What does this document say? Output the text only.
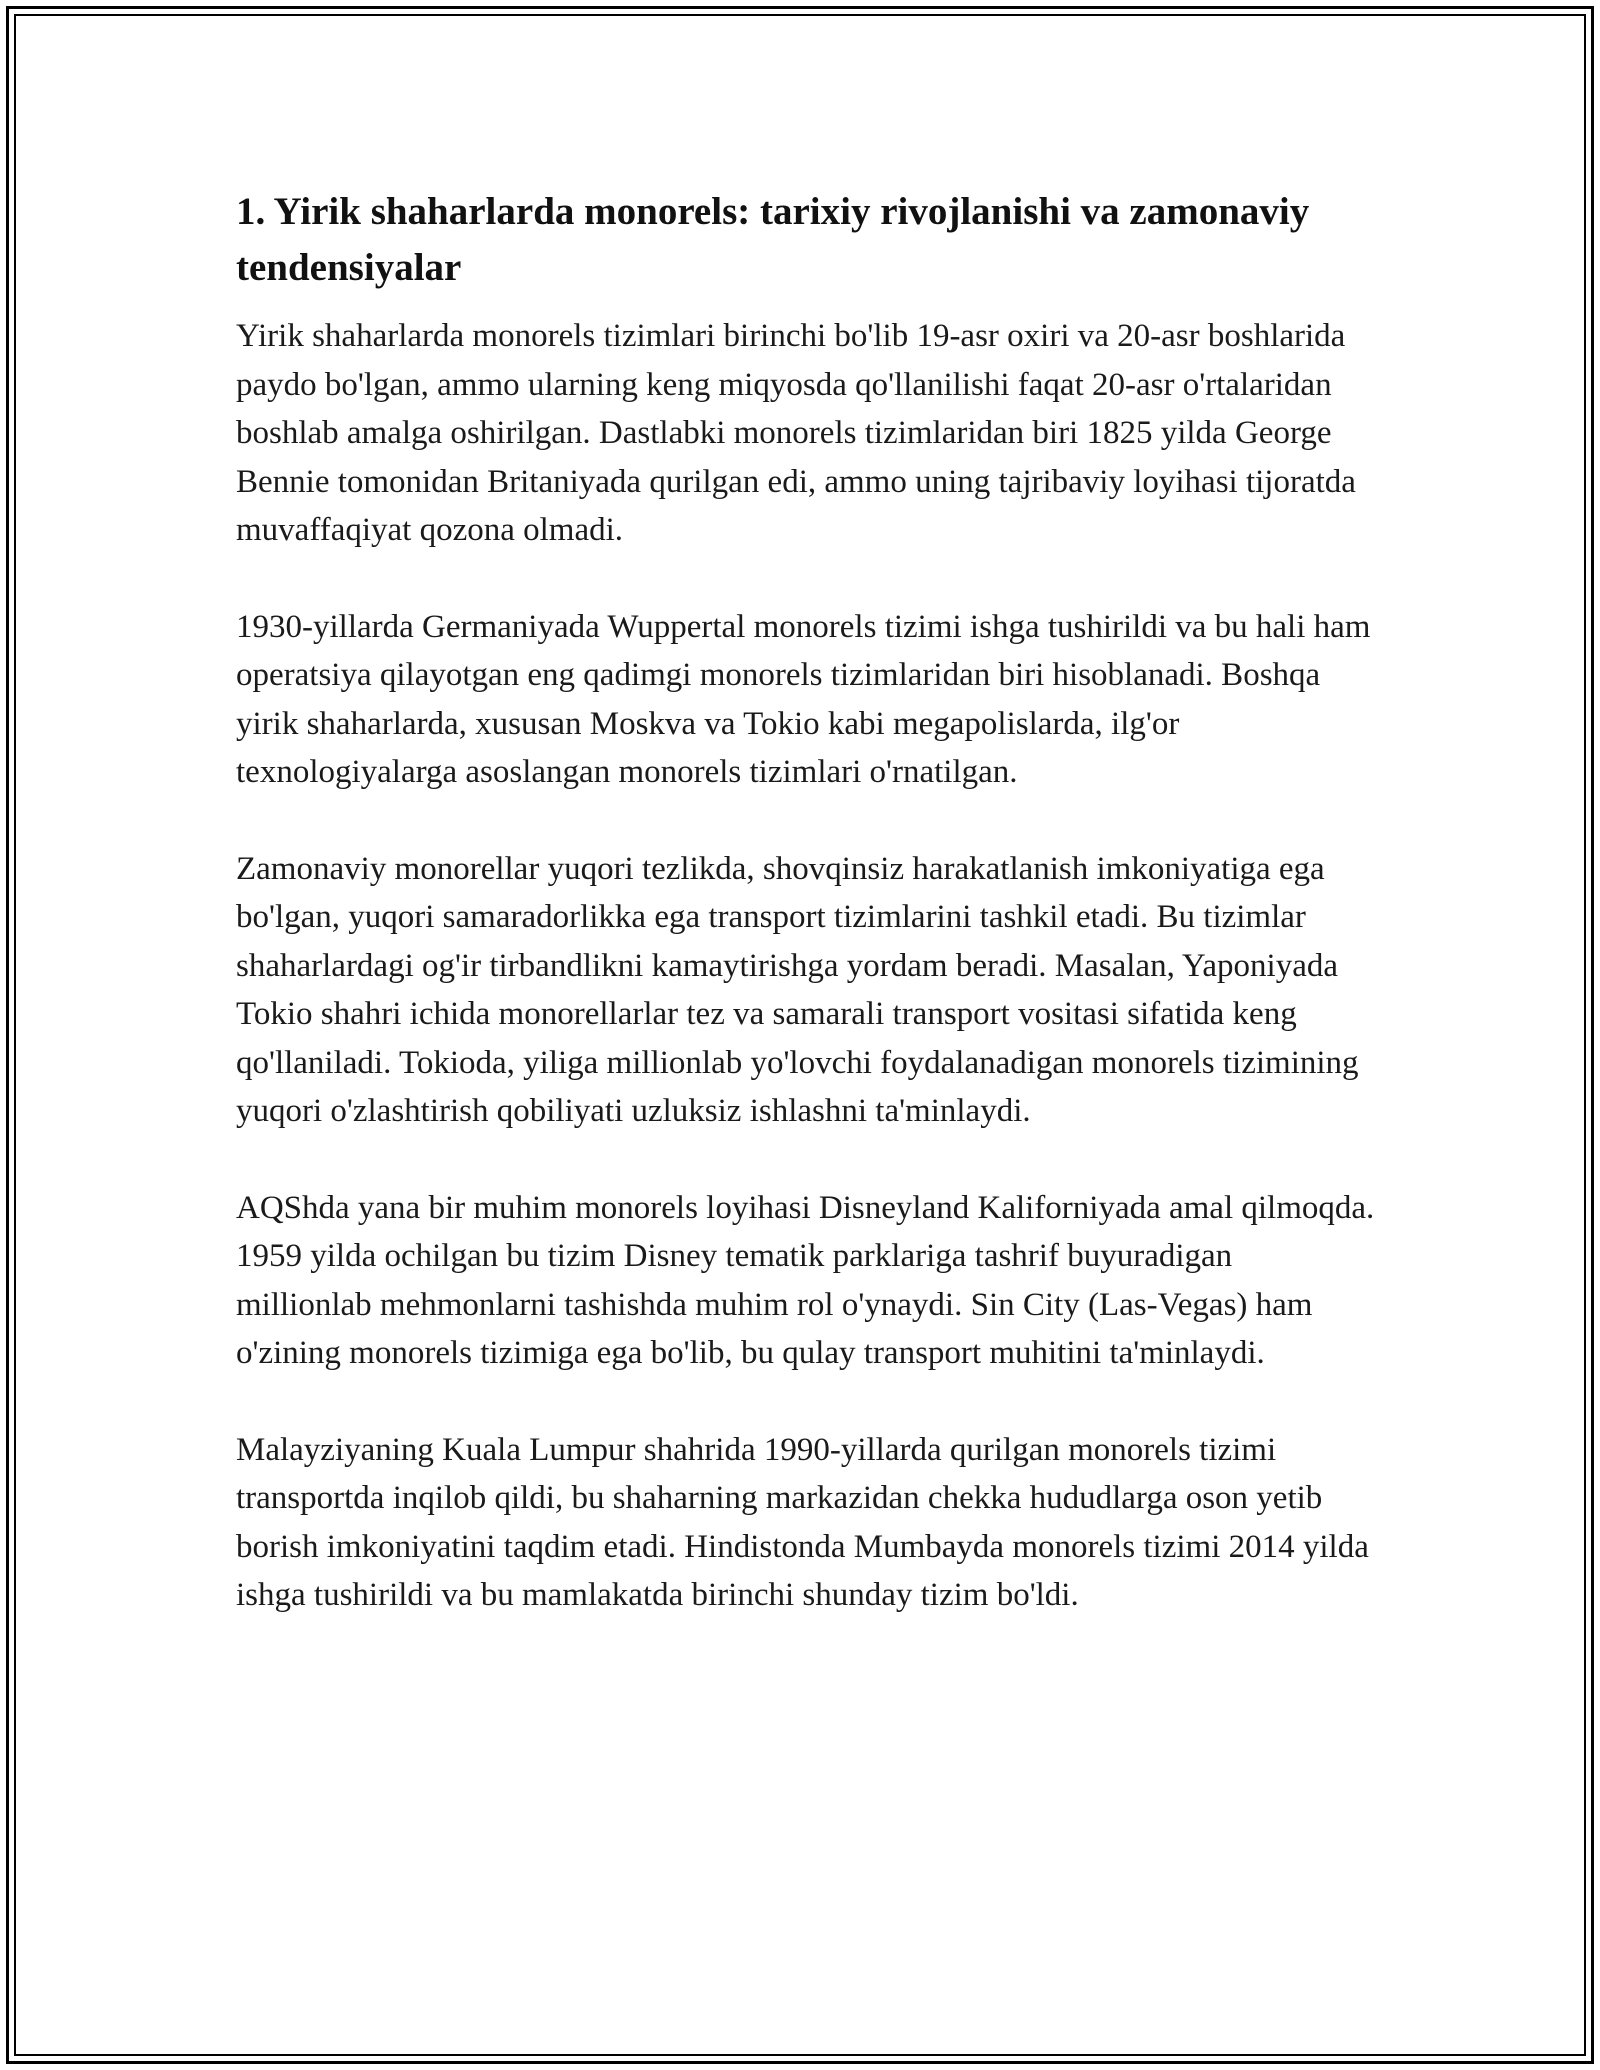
1. Yirik shaharlarda monorels: tarixiy rivojlanishi va zamonaviy tendensiyalar

Yirik shaharlarda monorels tizimlari birinchi bo'lib 19-asr oxiri va 20-asr boshlarida paydo bo'lgan, ammo ularning keng miqyosda qo'llanilishi faqat 20-asr o'rtalaridan boshlab amalga oshirilgan. Dastlabki monorels tizimlaridan biri 1825 yilda George Bennie tomonidan Britaniyada qurilgan edi, ammo uning tajribaviy loyihasi tijoratda muvaffaqiyat qozona olmadi.

1930-yillarda Germaniyada Wuppertal monorels tizimi ishga tushirildi va bu hali ham operatsiya qilayotgan eng qadimgi monorels tizimlaridan biri hisoblanadi. Boshqa yirik shaharlarda, xususan Moskva va Tokio kabi megapolislarda, ilg'or texnologiyalarga asoslangan monorels tizimlari o'rnatilgan.

Zamonaviy monorellar yuqori tezlikda, shovqinsiz harakatlanish imkoniyatiga ega bo'lgan, yuqori samaradorlikka ega transport tizimlarini tashkil etadi. Bu tizimlar shaharlardagi og'ir tirbandlikni kamaytirishga yordam beradi. Masalan, Yaponiyada Tokio shahri ichida monorellarlar tez va samarali transport vositasi sifatida keng qo'llaniladi. Tokioda, yiliga millionlab yo'lovchi foydalanadigan monorels tizimining yuqori o'zlashtirish qobiliyati uzluksiz ishlashni ta'minlaydi.

AQShda yana bir muhim monorels loyihasi Disneyland Kaliforniyada amal qilmoqda. 1959 yilda ochilgan bu tizim Disney tematik parklariga tashrif buyuradigan millionlab mehmonlarni tashishda muhim rol o'ynaydi. Sin City (Las-Vegas) ham o'zining monorels tizimiga ega bo'lib, bu qulay transport muhitini ta'minlaydi.

Malayziyaning Kuala Lumpur shahrida 1990-yillarda qurilgan monorels tizimi transportda inqilob qildi, bu shaharning markazidan chekka hududlarga oson yetib borish imkoniyatini taqdim etadi. Hindistonda Mumbayda monorels tizimi 2014 yilda ishga tushirildi va bu mamlakatda birinchi shunday tizim bo'ldi.
